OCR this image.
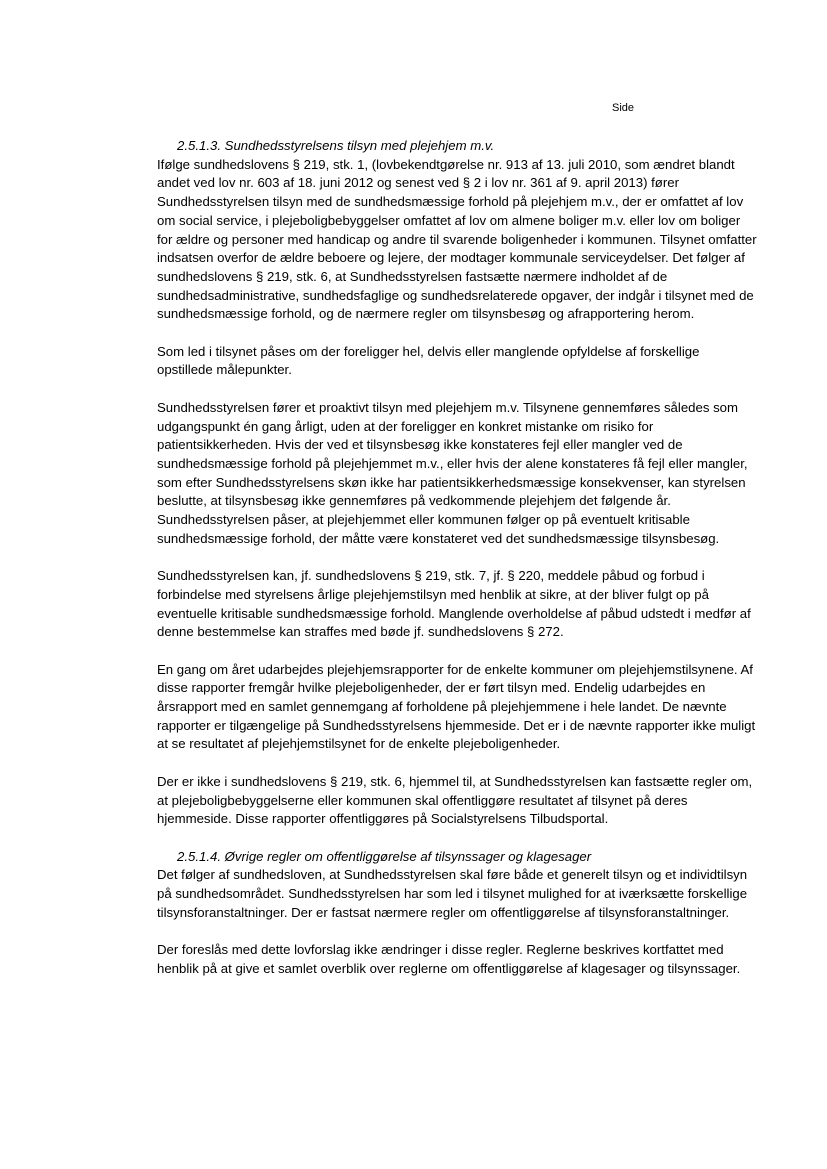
Side

2.5.1.3. Sundhedsstyrelsens tilsyn med plejehjem m.v.

Ifølge sundhedslovens § 219, stk. 1, (lovbekendtgørelse nr. 913 af 13. juli 2010, som ændret blandt andet ved lov nr. 603 af 18. juni 2012 og senest ved § 2 i lov nr. 361 af 9. april 2013) fører Sundhedsstyrelsen tilsyn med de sundhedsmæssige forhold på plejehjem m.v., der er omfattet af lov om social service, i plejeboligbebyggelser omfattet af lov om almene boliger m.v. eller lov om boliger for ældre og personer med handicap og andre til svarende boligenheder i kommunen. Tilsynet omfatter indsatsen overfor de ældre beboere og lejere, der modtager kommunale serviceydelser. Det følger af sundhedslovens § 219, stk. 6, at Sundhedsstyrelsen fastsætte nærmere indholdet af de sundhedsadministrative, sundhedsfaglige og sundhedsrelaterede opgaver, der indgår i tilsynet med de sundhedsmæssige forhold, og de nærmere regler om tilsynsbesøg og afrapportering herom.

Som led i tilsynet påses om der foreligger hel, delvis eller manglende opfyldelse af forskellige opstillede målepunkter.

Sundhedsstyrelsen fører et proaktivt tilsyn med plejehjem m.v. Tilsynene gennemføres således som udgangspunkt én gang årligt, uden at der foreligger en konkret mistanke om risiko for patientsikkerheden. Hvis der ved et tilsynsbesøg ikke konstateres fejl eller mangler ved de sundhedsmæssige forhold på plejehjemmet m.v., eller hvis der alene konstateres få fejl eller mangler, som efter Sundhedsstyrelsens skøn ikke har patientsikkerhedsmæssige konsekvenser, kan styrelsen beslutte, at tilsynsbesøg ikke gennemføres på vedkommende plejehjem det følgende år. Sundhedsstyrelsen påser, at plejehjemmet eller kommunen følger op på eventuelt kritisable sundhedsmæssige forhold, der måtte være konstateret ved det sundhedsmæssige tilsynsbesøg.

Sundhedsstyrelsen kan, jf. sundhedslovens § 219, stk. 7, jf. § 220, meddele påbud og forbud i forbindelse med styrelsens årlige plejehjemstilsyn med henblik at sikre, at der bliver fulgt op på eventuelle kritisable sundhedsmæssige forhold. Manglende overholdelse af påbud udstedt i medfør af denne bestemmelse kan straffes med bøde jf. sundhedslovens § 272.

En gang om året udarbejdes plejehjemsrapporter for de enkelte kommuner om plejehjemstilsynene. Af disse rapporter fremgår hvilke plejeboligenheder, der er ført tilsyn med. Endelig udarbejdes en årsrapport med en samlet gennemgang af forholdene på plejehjemmene i hele landet. De nævnte rapporter er tilgængelige på Sundhedsstyrelsens hjemmeside. Det er i de nævnte rapporter ikke muligt at se resultatet af plejehjemstilsynet for de enkelte plejeboligenheder.

Der er ikke i sundhedslovens § 219, stk. 6, hjemmel til, at Sundhedsstyrelsen kan fastsætte regler om, at plejeboligbebyggelserne eller kommunen skal offentliggøre resultatet af tilsynet på deres hjemmeside. Disse rapporter offentliggøres på Socialstyrelsens Tilbudsportal.

2.5.1.4. Øvrige regler om offentliggørelse af tilsynssager og klagesager

Det følger af sundhedsloven, at Sundhedsstyrelsen skal føre både et generelt tilsyn og et individtilsyn på sundhedsområdet. Sundhedsstyrelsen har som led i tilsynet mulighed for at iværksætte forskellige tilsynsforanstaltninger. Der er fastsat nærmere regler om offentliggørelse af tilsynsforanstaltninger.

Der foreslås med dette lovforslag ikke ændringer i disse regler. Reglerne beskrives kortfattet med henblik på at give et samlet overblik over reglerne om offentliggørelse af klagesager og tilsynssager.
